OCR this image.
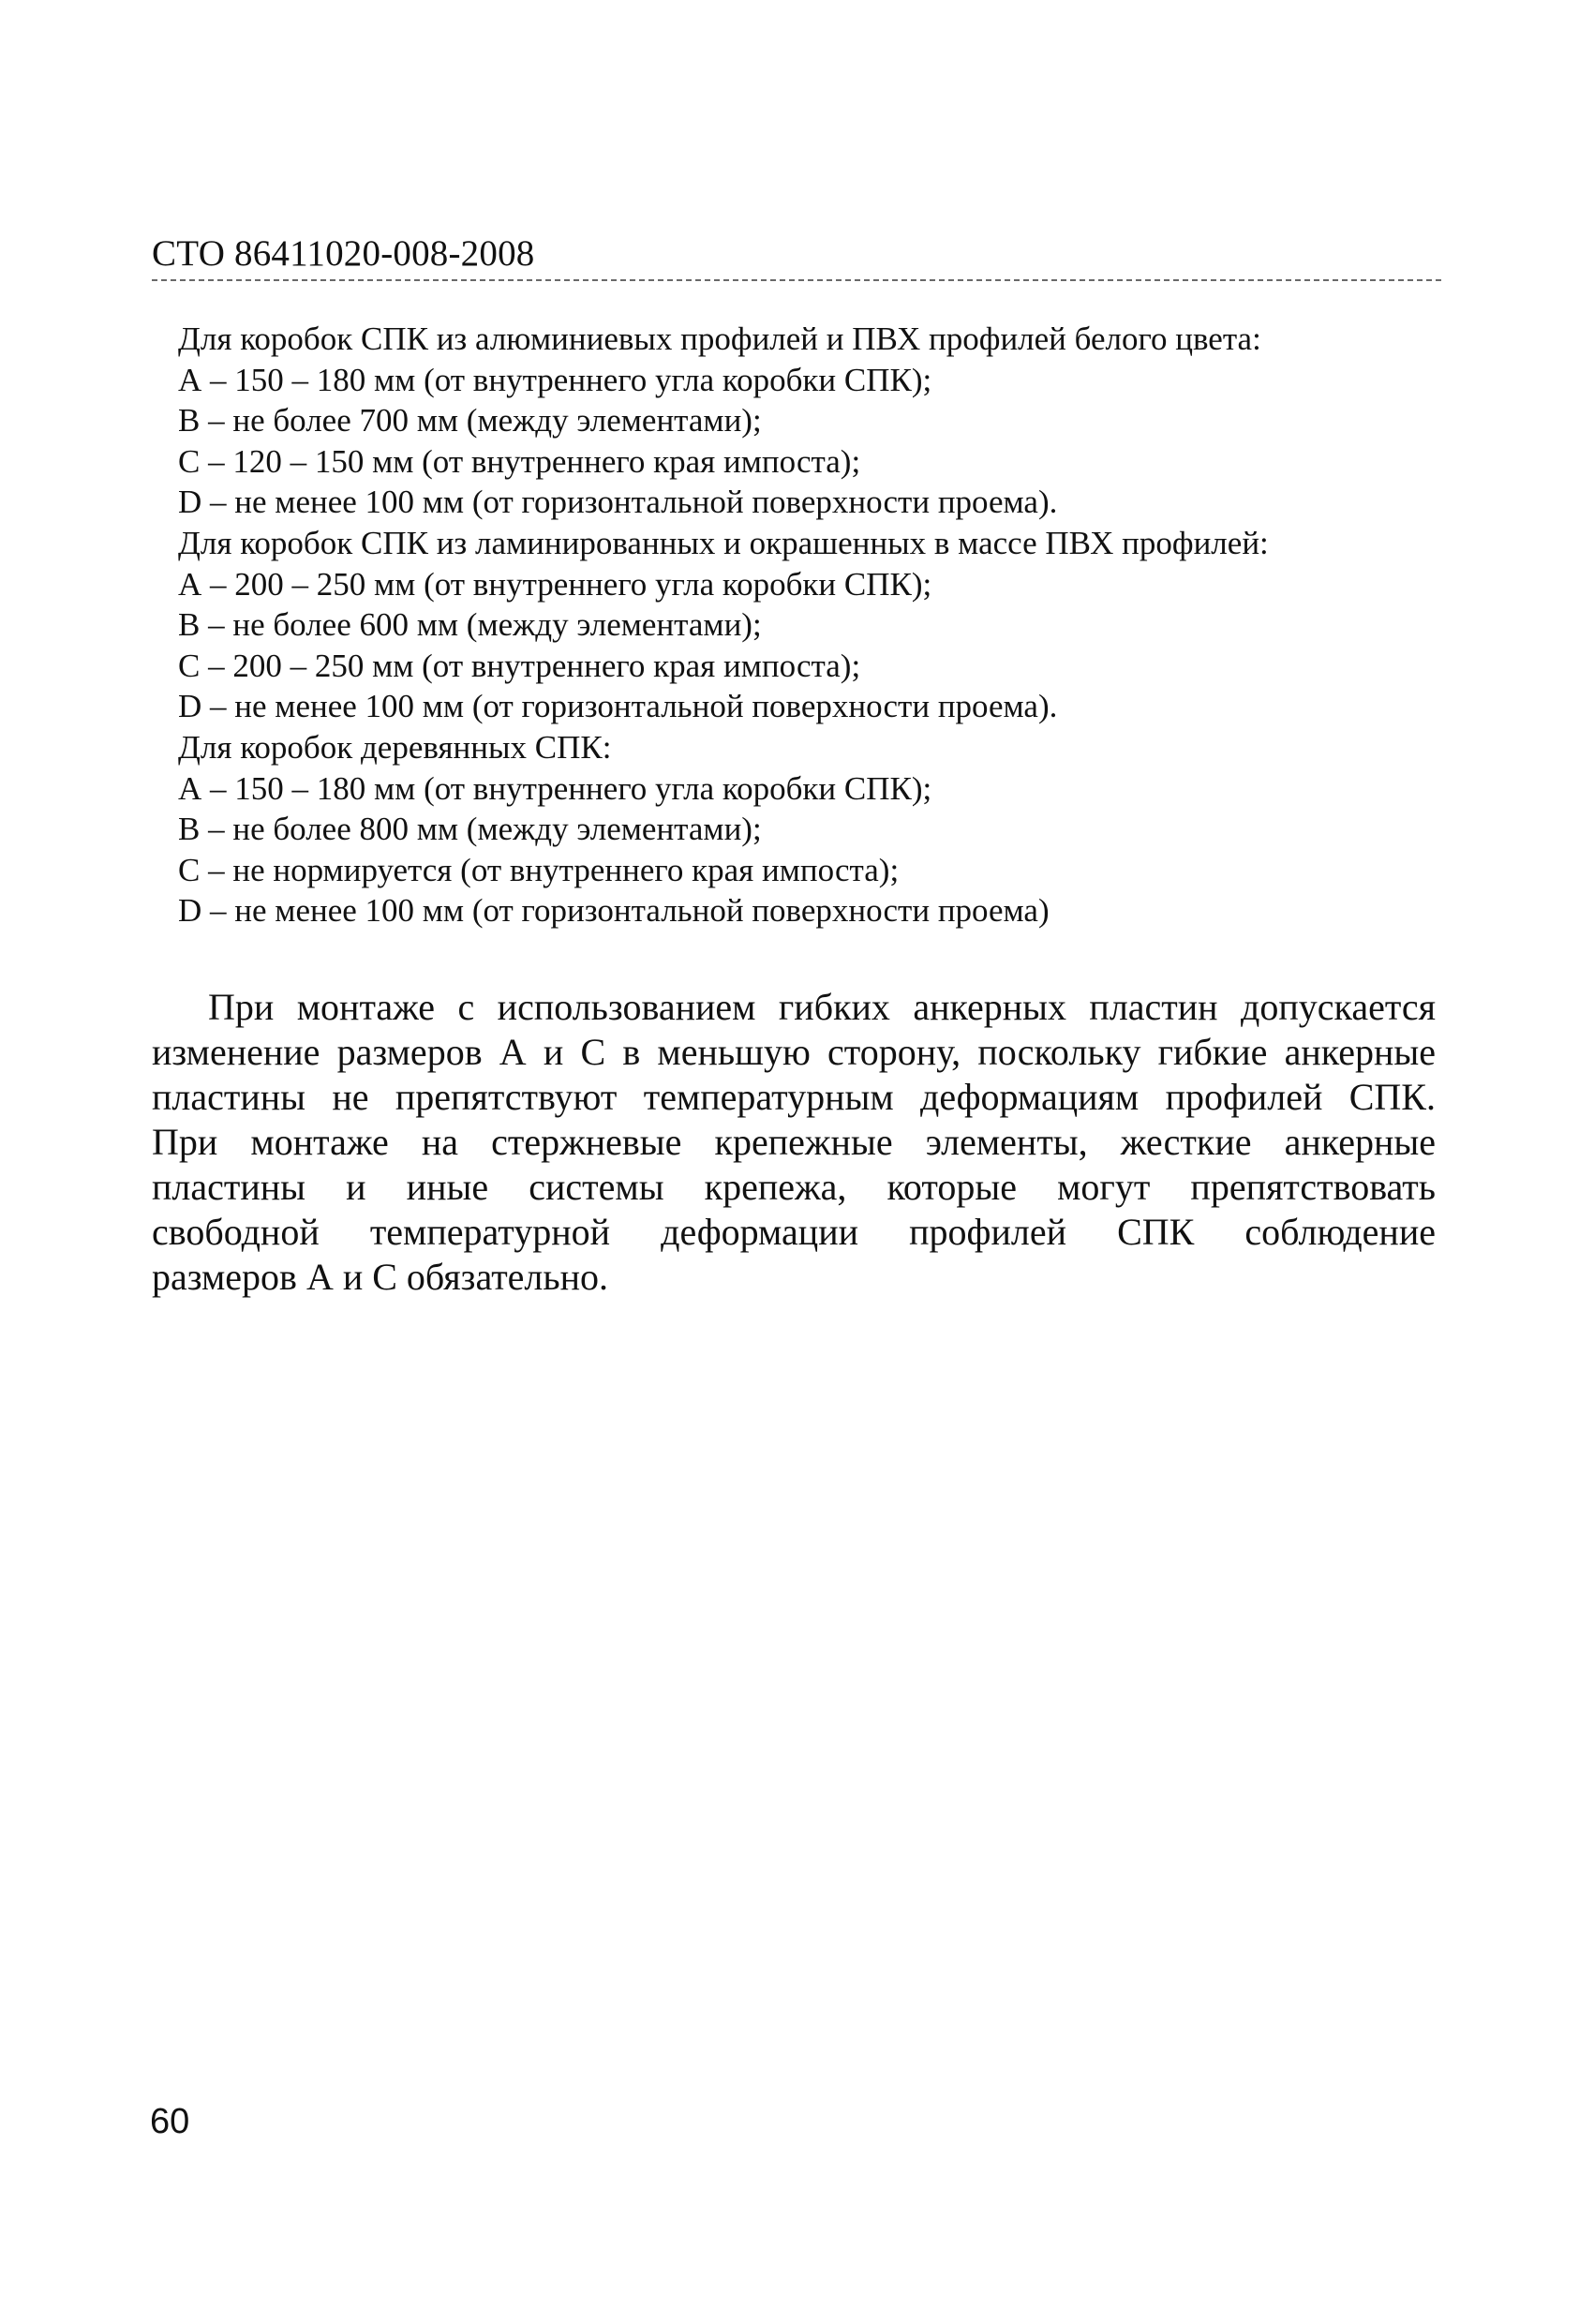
СТО 86411020-008-2008
Для коробок СПК из алюминиевых профилей и ПВХ профилей белого цвета:
А – 150 – 180 мм (от внутреннего угла коробки СПК);
В – не более 700 мм (между элементами);
С – 120 – 150 мм (от внутреннего края импоста);
D – не менее 100 мм (от горизонтальной поверхности проема).
Для коробок СПК из ламинированных и окрашенных в массе ПВХ профилей:
А – 200 – 250 мм (от внутреннего угла коробки СПК);
В – не более 600 мм (между элементами);
С – 200 – 250 мм (от внутреннего края импоста);
D – не менее 100 мм (от горизонтальной поверхности проема).
Для коробок деревянных СПК:
А – 150 – 180 мм (от внутреннего угла коробки СПК);
В – не более 800 мм (между элементами);
С – не нормируется (от внутреннего края импоста);
D – не менее 100 мм (от горизонтальной поверхности проема)
При монтаже с использованием гибких анкерных пластин допускается
изменение размеров А и С в меньшую сторону, поскольку гибкие анкерные
пластины не препятствуют температурным деформациям профилей СПК.
При монтаже на стержневые крепежные элементы, жесткие анкерные
пластины и иные системы крепежа, которые могут препятствовать
свободной температурной деформации профилей СПК соблюдение
размеров А и С обязательно.
60
